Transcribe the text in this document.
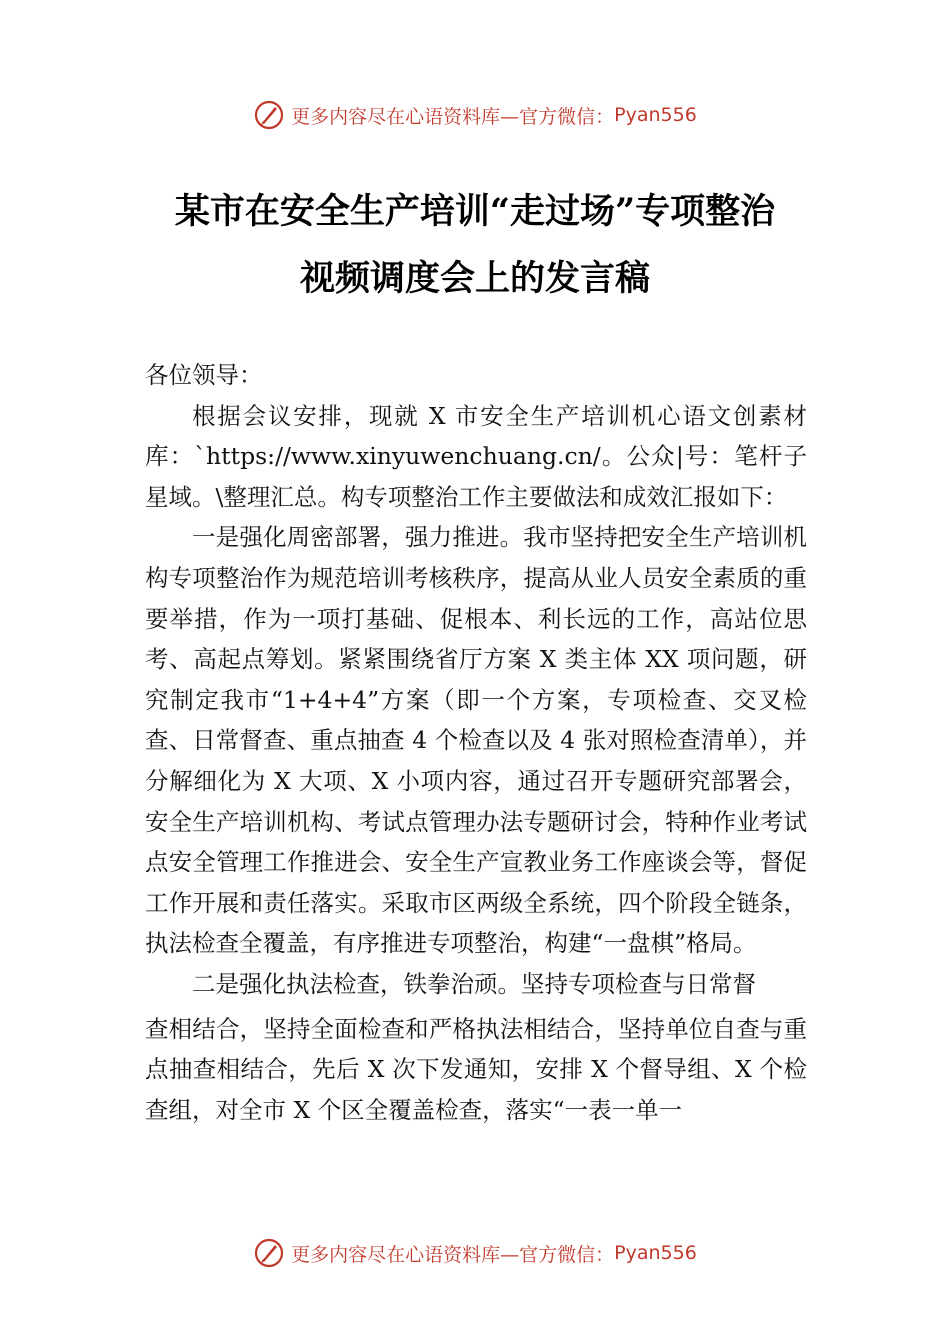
更多内容尽在心语资料库—官方微信： Pyan556
某市在安全生产培训“走过场”专项整治
视频调度会上的发言稿

各位领导：

根据会议安排，现就 X 市安全生产培训机心语文创素材库：`https://www.xinyuwenchuang.cn/。公众|号：笔杆子星域。\整理汇总。构专项整治工作主要做法和成效汇报如下：

一是强化周密部署，强力推进。我市坚持把安全生产培训机构专项整治作为规范培训考核秩序，提高从业人员安全素质的重要举措，作为一项打基础、促根本、利长远的工作，高站位思考、高起点筹划。紧紧围绕省厅方案 X 类主体 XX 项问题，研究制定我市“1+4+4”方案（即一个方案，专项检查、交叉检查、日常督查、重点抽查 4 个检查以及 4 张对照检查清单），并分解细化为 X 大项、X 小项内容，通过召开专题研究部署会，安全生产培训机构、考试点管理办法专题研讨会，特种作业考试点安全管理工作推进会、安全生产宣教业务工作座谈会等，督促工作开展和责任落实。采取市区两级全系统，四个阶段全链条，执法检查全覆盖，有序推进专项整治，构建“一盘棋”格局。

二是强化执法检查，铁拳治顽。坚持专项检查与日常督

查相结合，坚持全面检查和严格执法相结合，坚持单位自查与重点抽查相结合，先后 X 次下发通知，安排 X 个督导组、X 个检查组，对全市 X 个区全覆盖检查，落实“一表一单一

更多内容尽在心语资料库—官方微信： Pyan556
